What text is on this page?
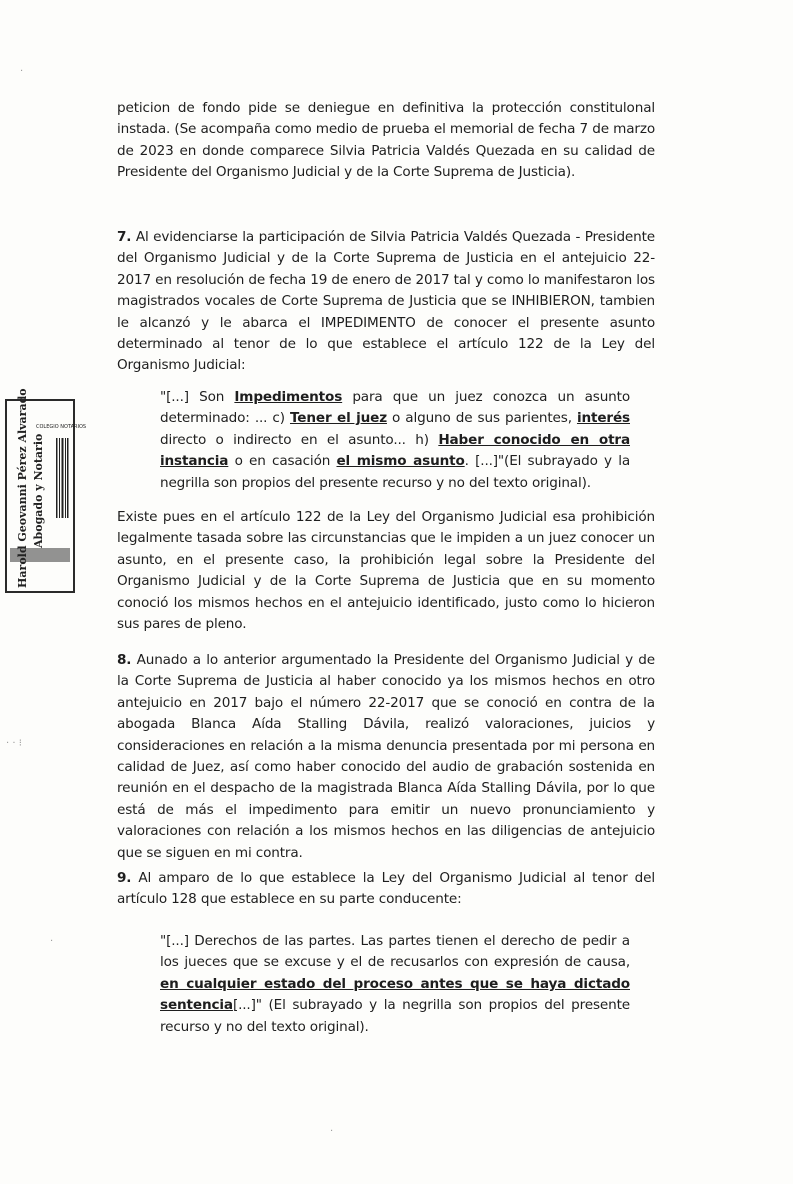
Harold Geovanni Pérez Alvarado Abogado y Notario
COLEGIO NOTARIOS
·
· · ⁝
·
·
peticion de fondo pide se deniegue en definitiva la protección constitulonal instada. (Se acompaña como medio de prueba el memorial de fecha 7 de marzo de 2023 en donde comparece Silvia Patricia Valdés Quezada en su calidad de Presidente del Organismo Judicial y de la Corte Suprema de Justicia).
7. Al evidenciarse la participación de Silvia Patricia Valdés Quezada - Presidente del Organismo Judicial y de la Corte Suprema de Justicia en el antejuicio 22-2017 en resolución de fecha 19 de enero de 2017 tal y como lo manifestaron los magistrados vocales de Corte Suprema de Justicia que se INHIBIERON, tambien le alcanzó y le abarca el IMPEDIMENTO de conocer el presente asunto determinado al tenor de lo que establece el artículo 122 de la Ley del Organismo Judicial:
"[...] Son Impedimentos para que un juez conozca un asunto determinado: ... c) Tener el juez o alguno de sus parientes, interés directo o indirecto en el asunto... h) Haber conocido en otra instancia o en casación el mismo asunto. [...]"(El subrayado y la negrilla son propios del presente recurso y no del texto original).
Existe pues en el artículo 122 de la Ley del Organismo Judicial esa prohibición legalmente tasada sobre las circunstancias que le impiden a un juez conocer un asunto, en el presente caso, la prohibición legal sobre la Presidente del Organismo Judicial y de la Corte Suprema de Justicia que en su momento conoció los mismos hechos en el antejuicio identificado, justo como lo hicieron sus pares de pleno.
8. Aunado a lo anterior argumentado la Presidente del Organismo Judicial y de la Corte Suprema de Justicia al haber conocido ya los mismos hechos en otro antejuicio en 2017 bajo el número 22-2017 que se conoció en contra de la abogada Blanca Aída Stalling Dávila, realizó valoraciones, juicios y consideraciones en relación a la misma denuncia presentada por mi persona en calidad de Juez, así como haber conocido del audio de grabación sostenida en reunión en el despacho de la magistrada Blanca Aída Stalling Dávila, por lo que está de más el impedimento para emitir un nuevo pronunciamiento y valoraciones con relación a los mismos hechos en las diligencias de antejuicio que se siguen en mi contra.
9. Al amparo de lo que establece la Ley del Organismo Judicial al tenor del artículo 128 que establece en su parte conducente:
"[...] Derechos de las partes. Las partes tienen el derecho de pedir a los jueces que se excuse y el de recusarlos con expresión de causa, en cualquier estado del proceso antes que se haya dictado sentencia[...]" (El subrayado y la negrilla son propios del presente recurso y no del texto original).
